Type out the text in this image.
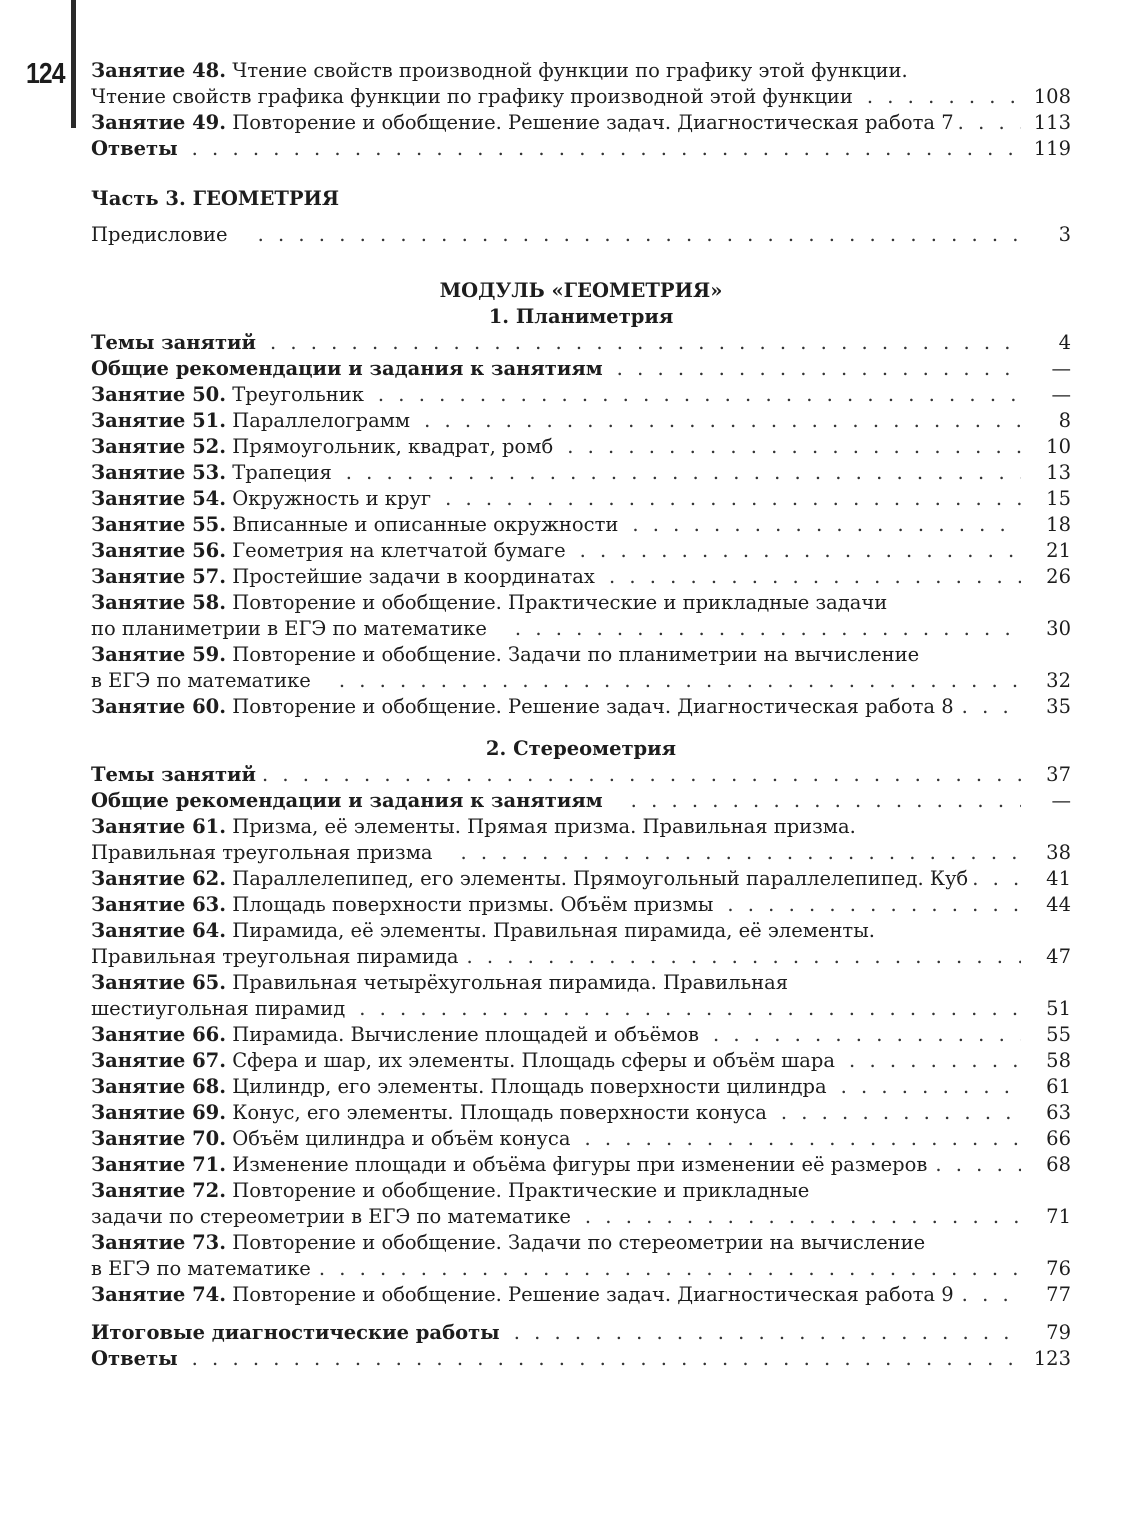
124 Занятие 48. Чтение свойств производной функции по графику этой функции.
Чтение свойств графика функции по графику производной этой функции . . .	108
Занятие 49. Повторение и обобщение. Решение задач. Диагностическая работа 7 . . .	113
Ответы . . .	119
Часть 3. ГЕОМЕТРИЯ
Предисловие . . .	3
МОДУЛЬ «ГЕОМЕТРИЯ»
1. Планиметрия
Темы занятий . . .	4
Общие рекомендации и задания к занятиям . . .	—
Занятие 50. Треугольник . . .	—
Занятие 51. Параллелограмм . . .	8
Занятие 52. Прямоугольник, квадрат, ромб . . .	10
Занятие 53. Трапеция . . .	13
Занятие 54. Окружность и круг . . .	15
Занятие 55. Вписанные и описанные окружности . . .	18
Занятие 56. Геометрия на клетчатой бумаге . . .	21
Занятие 57. Простейшие задачи в координатах . . .	26
Занятие 58. Повторение и обобщение. Практические и прикладные задачи
по планиметрии в ЕГЭ по математике . . .	30
Занятие 59. Повторение и обобщение. Задачи по планиметрии на вычисление
в ЕГЭ по математике . . .	32
Занятие 60. Повторение и обобщение. Решение задач. Диагностическая работа 8 . . .	35
2. Стереометрия
Темы занятий . . .	37
Общие рекомендации и задания к занятиям . . .	—
Занятие 61. Призма, её элементы. Прямая призма. Правильная призма.
Правильная треугольная призма . . .	38
Занятие 62. Параллелепипед, его элементы. Прямоугольный параллелепипед. Куб . . .	41
Занятие 63. Площадь поверхности призмы. Объём призмы . . .	44
Занятие 64. Пирамида, её элементы. Правильная пирамида, её элементы.
Правильная треугольная пирамида . . .	47
Занятие 65. Правильная четырёхугольная пирамида. Правильная
шестиугольная пирамид . . .	51
Занятие 66. Пирамида. Вычисление площадей и объёмов . . .	55
Занятие 67. Сфера и шар, их элементы. Площадь сферы и объём шара . . .	58
Занятие 68. Цилиндр, его элементы. Площадь поверхности цилиндра . . .	61
Занятие 69. Конус, его элементы. Площадь поверхности конуса . . .	63
Занятие 70. Объём цилиндра и объём конуса . . .	66
Занятие 71. Изменение площади и объёма фигуры при изменении её размеров . . .	68
Занятие 72. Повторение и обобщение. Практические и прикладные
задачи по стереометрии в ЕГЭ по математике . . .	71
Занятие 73. Повторение и обобщение. Задачи по стереометрии на вычисление
в ЕГЭ по математике . . .	76
Занятие 74. Повторение и обобщение. Решение задач. Диагностическая работа 9 . . .	77
Итоговые диагностические работы . . .	79
Ответы . . .	123
